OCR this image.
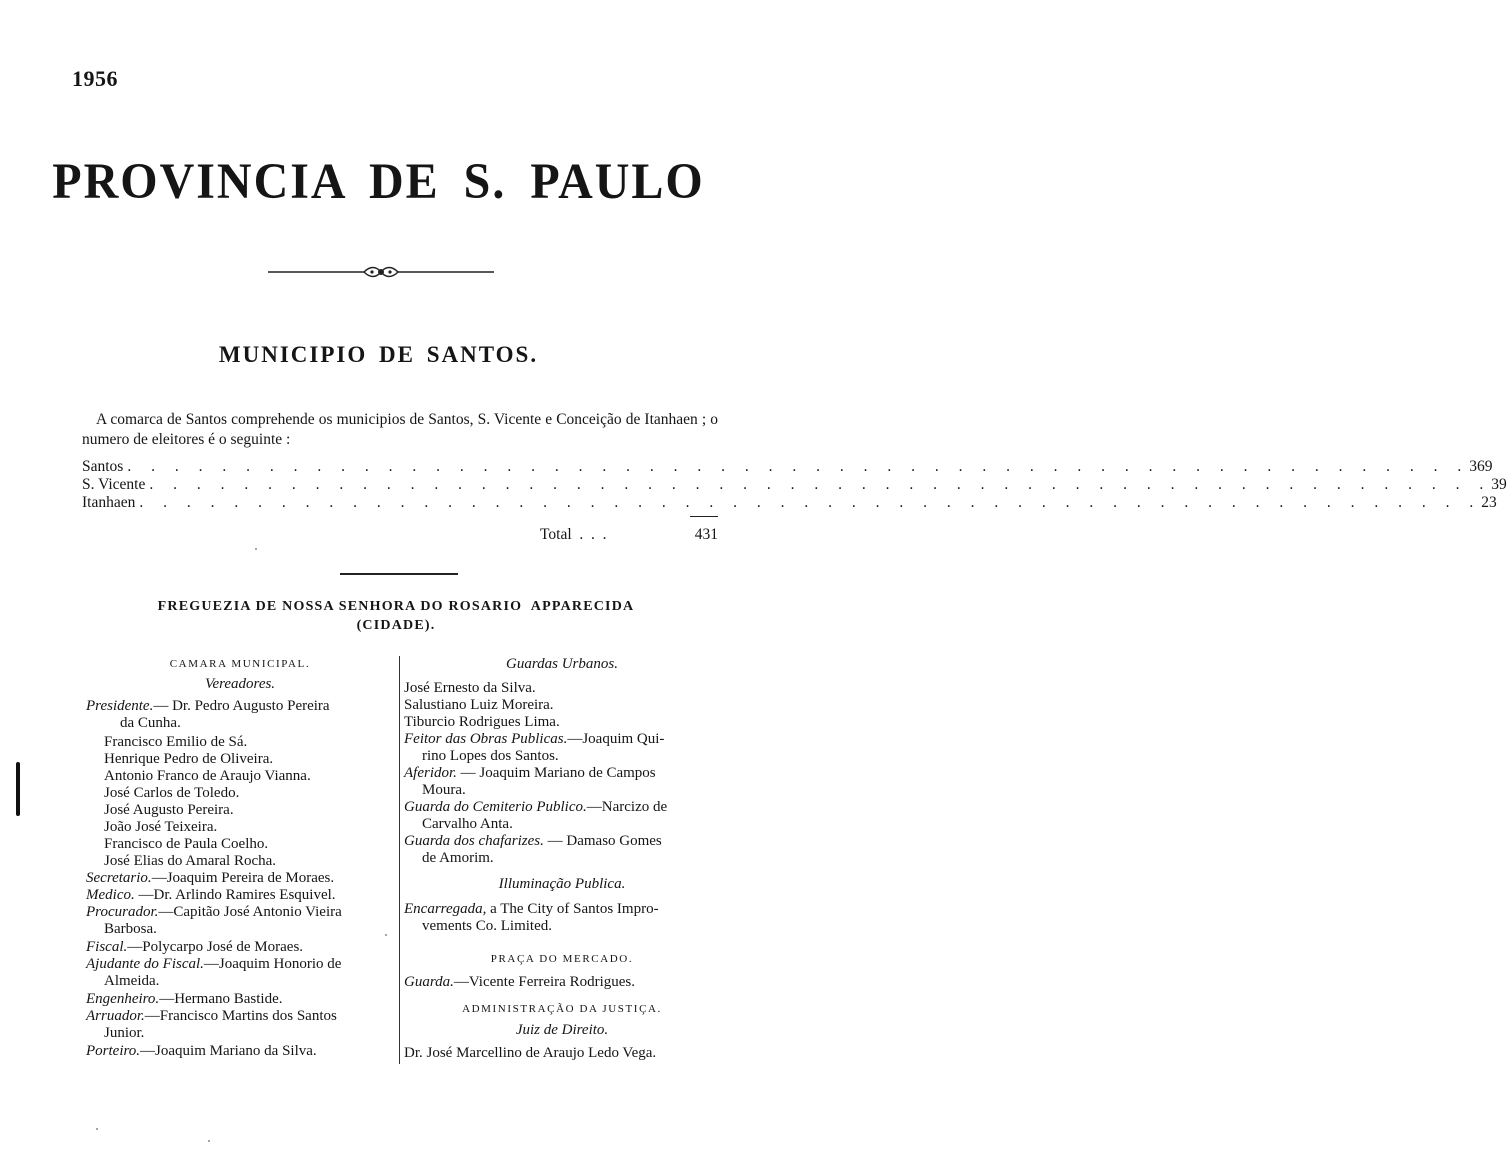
1956
PROVINCIA DE S. PAULO
MUNICIPIO DE SANTOS.
A comarca de Santos comprehende os municipios de Santos, S. Vicente e Conceição de Itanhaen ; o numero de eleitores é o seguinte :
Santos . . . . . . . . . . . . . . . . . . . . . . . . . . . . . . . . . . . . . . . . . . . . . . . . . . . . . . . . . 369
S. Vicente . . . . . . . . . . . . . . . . . . . . . . . . . . . . . . . . . . . . . . . . . . . . . . . . . . . . . . . . . 39
Itanhaen . . . . . . . . . . . . . . . . . . . . . . . . . . . . . . . . . . . . . . . . . . . . . . . . . . . . . . . . . 23
Total  .  .  .	431
FREGUEZIA DE NOSSA SENHORA DO ROSARIO  APPARECIDA
(CIDADE).
CAMARA MUNICIPAL.
Vereadores.
Presidente.— Dr. Pedro Augusto Pereira
da Cunha.
Francisco Emilio de Sá.
Henrique Pedro de Oliveira.
Antonio Franco de Araujo Vianna.
José Carlos de Toledo.
José Augusto Pereira.
João José Teixeira.
Francisco de Paula Coelho.
José Elias do Amaral Rocha.
Secretario.—Joaquim Pereira de Moraes.
Medico. —Dr. Arlindo Ramires Esquivel.
Procurador.—Capitão José Antonio Vieira
Barbosa.
Fiscal.—Polycarpo José de Moraes.
Ajudante do Fiscal.—Joaquim Honorio de
Almeida.
Engenheiro.—Hermano Bastide.
Arruador.—Francisco Martins dos Santos
Junior.
Porteiro.—Joaquim Mariano da Silva.
Guardas Urbanos.
José Ernesto da Silva.
Salustiano Luiz Moreira.
Tiburcio Rodrigues Lima.
Feitor das Obras Publicas.—Joaquim Qui-
rino Lopes dos Santos.
Aferidor. — Joaquim Mariano de Campos
Moura.
Guarda do Cemiterio Publico.—Narcizo de
Carvalho Anta.
Guarda dos chafarizes. — Damaso Gomes
de Amorim.
Illuminação Publica.
Encarregada, a The City of Santos Impro-
vements Co. Limited.
PRAÇA DO MERCADO.
Guarda.—Vicente Ferreira Rodrigues.
ADMINISTRAÇÃO DA JUSTIÇA.
Juiz de Direito.
Dr. José Marcellino de Araujo Ledo Vega.
